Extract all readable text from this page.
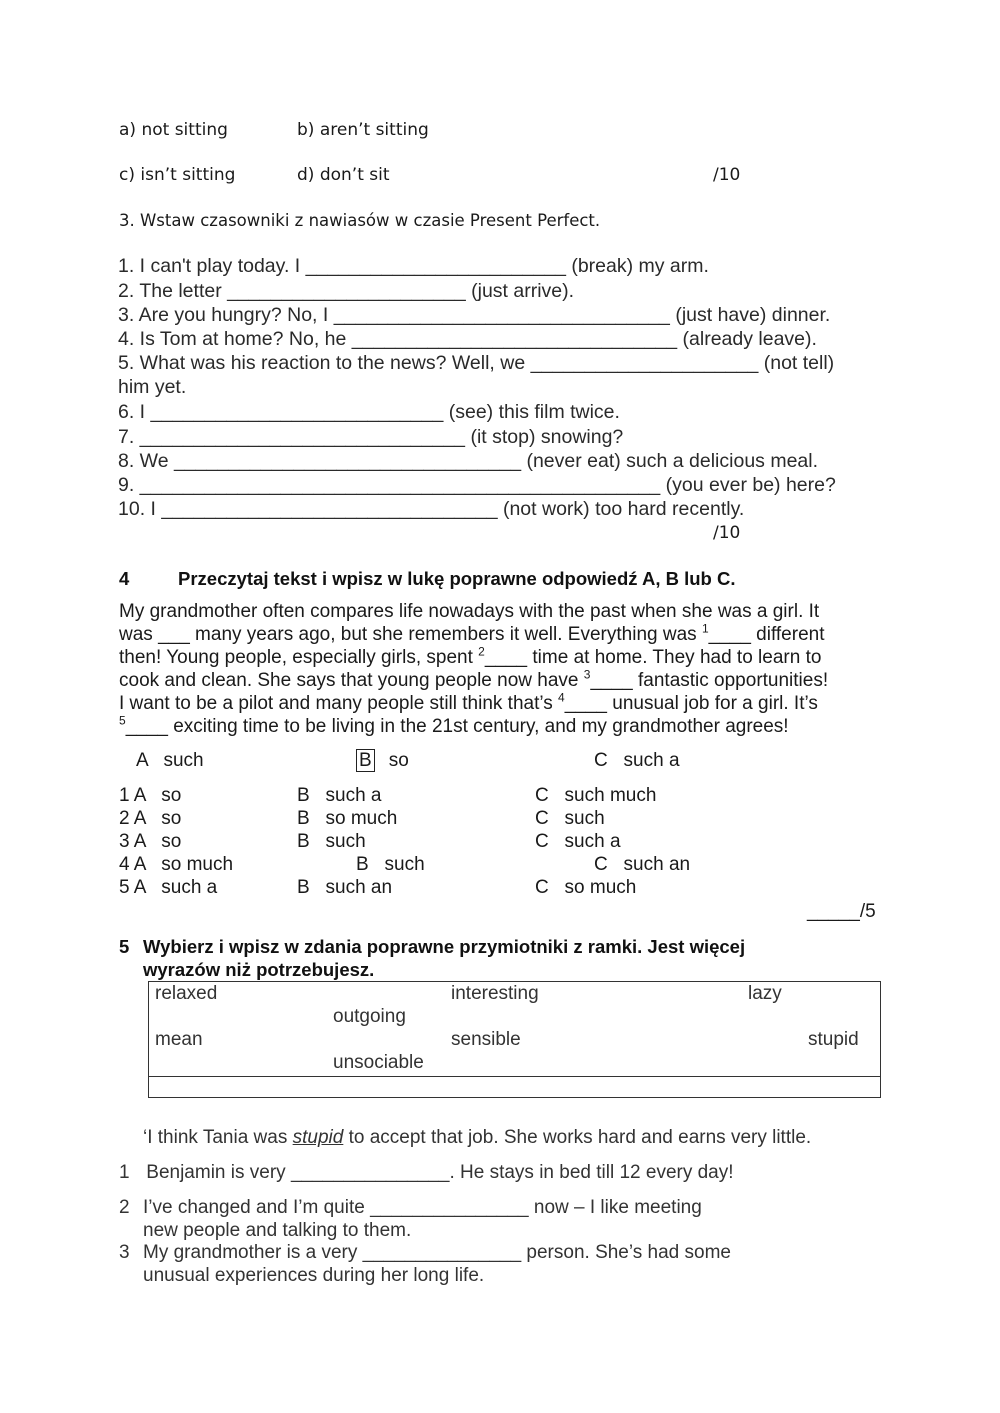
a) not sitting	b) aren’t sitting
c) isn’t sitting	d) don’t sit	/10
3. Wstaw czasowniki z nawiasów w czasie Present Perfect.
1. I can't play today. I ________________________ (break) my arm.
2. The letter ______________________ (just arrive).
3. Are you hungry? No, I _______________________________ (just have) dinner.
4. Is Tom at home? No, he ______________________________ (already leave).
5. What was his reaction to the news? Well, we _____________________ (not tell)
him yet.
6. I ___________________________ (see) this film twice.
7. ______________________________ (it stop) snowing?
8. We ________________________________ (never eat) such a delicious meal.
9. ________________________________________________ (you ever be) here?
10. I _______________________________ (not work) too hard recently.
/10
4	Przeczytaj tekst i wpisz w lukę poprawne odpowiedź A, B lub C.
My grandmother often compares life nowadays with the past when she was a girl. It
was ___ many years ago, but she remembers it well. Everything was $^1$____ different
then! Young people, especially girls, spent $^2$____ time at home. They had to learn to
cook and clean. She says that young people now have $^3$____ fantastic opportunities!
I want to be a pilot and many people still think that’s $^4$____ unusual job for a girl. It’s
$^5$____ exciting time to be living in the 21st century, and my grandmother agrees!
A   such	B so	C   such a
1 A   so	B   such a	C   such much
2 A   so	B   so much	C   such
3 A   so	B   such	C   such a
4 A   so much	B   such	C   such an
5 A   such a	B   such an	C   so much
_____/5
5 Wybierz i wpisz w zdania poprawne przymiotniki z ramki. Jest więcej
wyrazów niż potrzebujesz.
relaxed	interesting	lazy
outgoing
mean	sensible	stupid
unsociable
‘I think Tania was stupid to accept that job. She works hard and earns very little.
1 Benjamin is very _______________. He stays in bed till 12 every day!
2 I’ve changed and I’m quite _______________ now – I like meeting
new people and talking to them.
3 My grandmother is a very _______________ person. She’s had some
unusual experiences during her long life.
